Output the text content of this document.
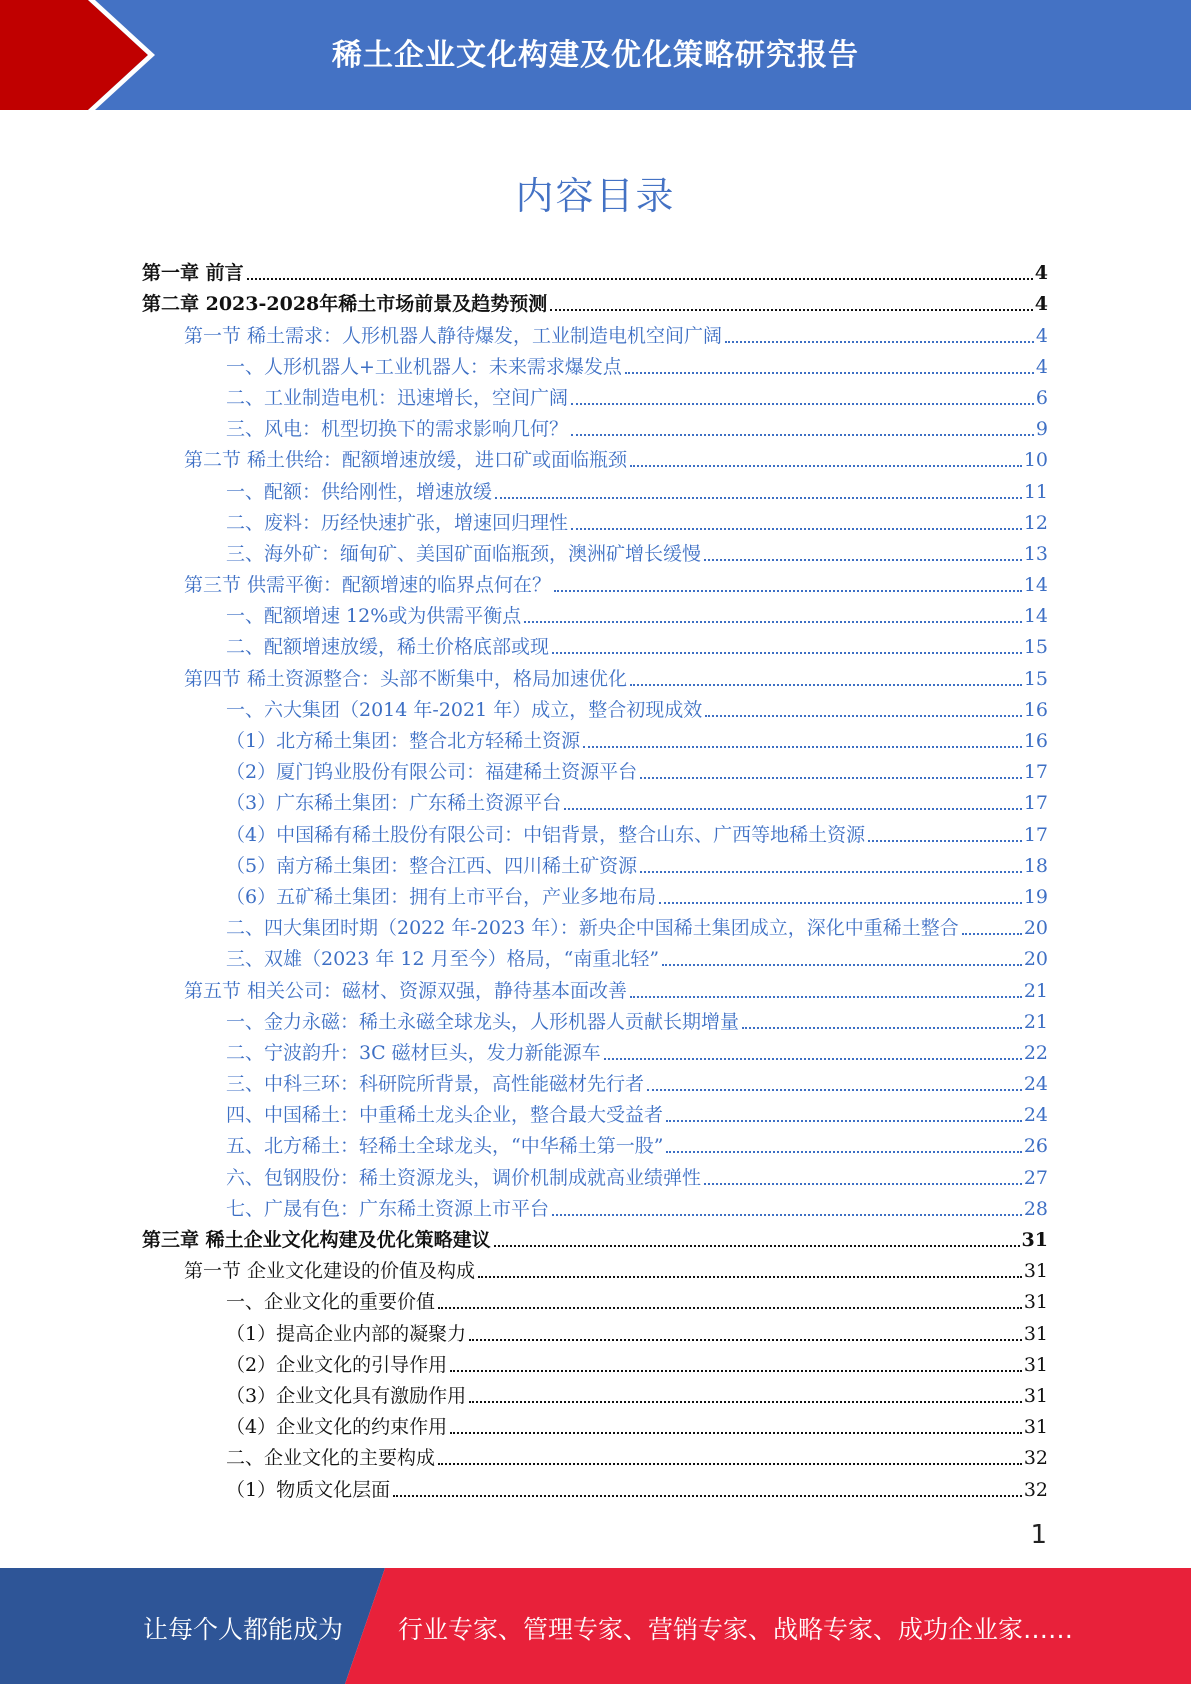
稀土企业文化构建及优化策略研究报告
内容目录
第一章 前言	4
第二章 2023-2028年稀土市场前景及趋势预测	4
第一节 稀土需求：人形机器人静待爆发，工业制造电机空间广阔	4
一、人形机器人+工业机器人：未来需求爆发点	4
二、工业制造电机：迅速增长，空间广阔	6
三、风电：机型切换下的需求影响几何？	9
第二节 稀土供给：配额增速放缓，进口矿或面临瓶颈	10
一、配额：供给刚性，增速放缓	11
二、废料：历经快速扩张，增速回归理性	12
三、海外矿：缅甸矿、美国矿面临瓶颈，澳洲矿增长缓慢	13
第三节 供需平衡：配额增速的临界点何在？	14
一、配额增速 12%或为供需平衡点	14
二、配额增速放缓，稀土价格底部或现	15
第四节 稀土资源整合：头部不断集中，格局加速优化	15
一、六大集团（2014 年-2021 年）成立，整合初现成效	16
（1）北方稀土集团：整合北方轻稀土资源	16
（2）厦门钨业股份有限公司：福建稀土资源平台	17
（3）广东稀土集团：广东稀土资源平台	17
（4）中国稀有稀土股份有限公司：中铝背景，整合山东、广西等地稀土资源	17
（5）南方稀土集团：整合江西、四川稀土矿资源	18
（6）五矿稀土集团：拥有上市平台，产业多地布局	19
二、四大集团时期（2022 年-2023 年）：新央企中国稀土集团成立，深化中重稀土整合	20
三、双雄（2023 年 12 月至今）格局，“南重北轻”	20
第五节 相关公司：磁材、资源双强，静待基本面改善	21
一、金力永磁：稀土永磁全球龙头，人形机器人贡献长期增量	21
二、宁波韵升：3C 磁材巨头，发力新能源车	22
三、中科三环：科研院所背景，高性能磁材先行者	24
四、中国稀土：中重稀土龙头企业，整合最大受益者	24
五、北方稀土：轻稀土全球龙头，“中华稀土第一股”	26
六、包钢股份：稀土资源龙头，调价机制成就高业绩弹性	27
七、广晟有色：广东稀土资源上市平台	28
第三章 稀土企业文化构建及优化策略建议	31
第一节 企业文化建设的价值及构成	31
一、企业文化的重要价值	31
（1）提高企业内部的凝聚力	31
（2）企业文化的引导作用	31
（3）企业文化具有激励作用	31
（4）企业文化的约束作用	31
二、企业文化的主要构成	32
（1）物质文化层面	32
1
让每个人都能成为 行业专家、管理专家、营销专家、战略专家、成功企业家……
